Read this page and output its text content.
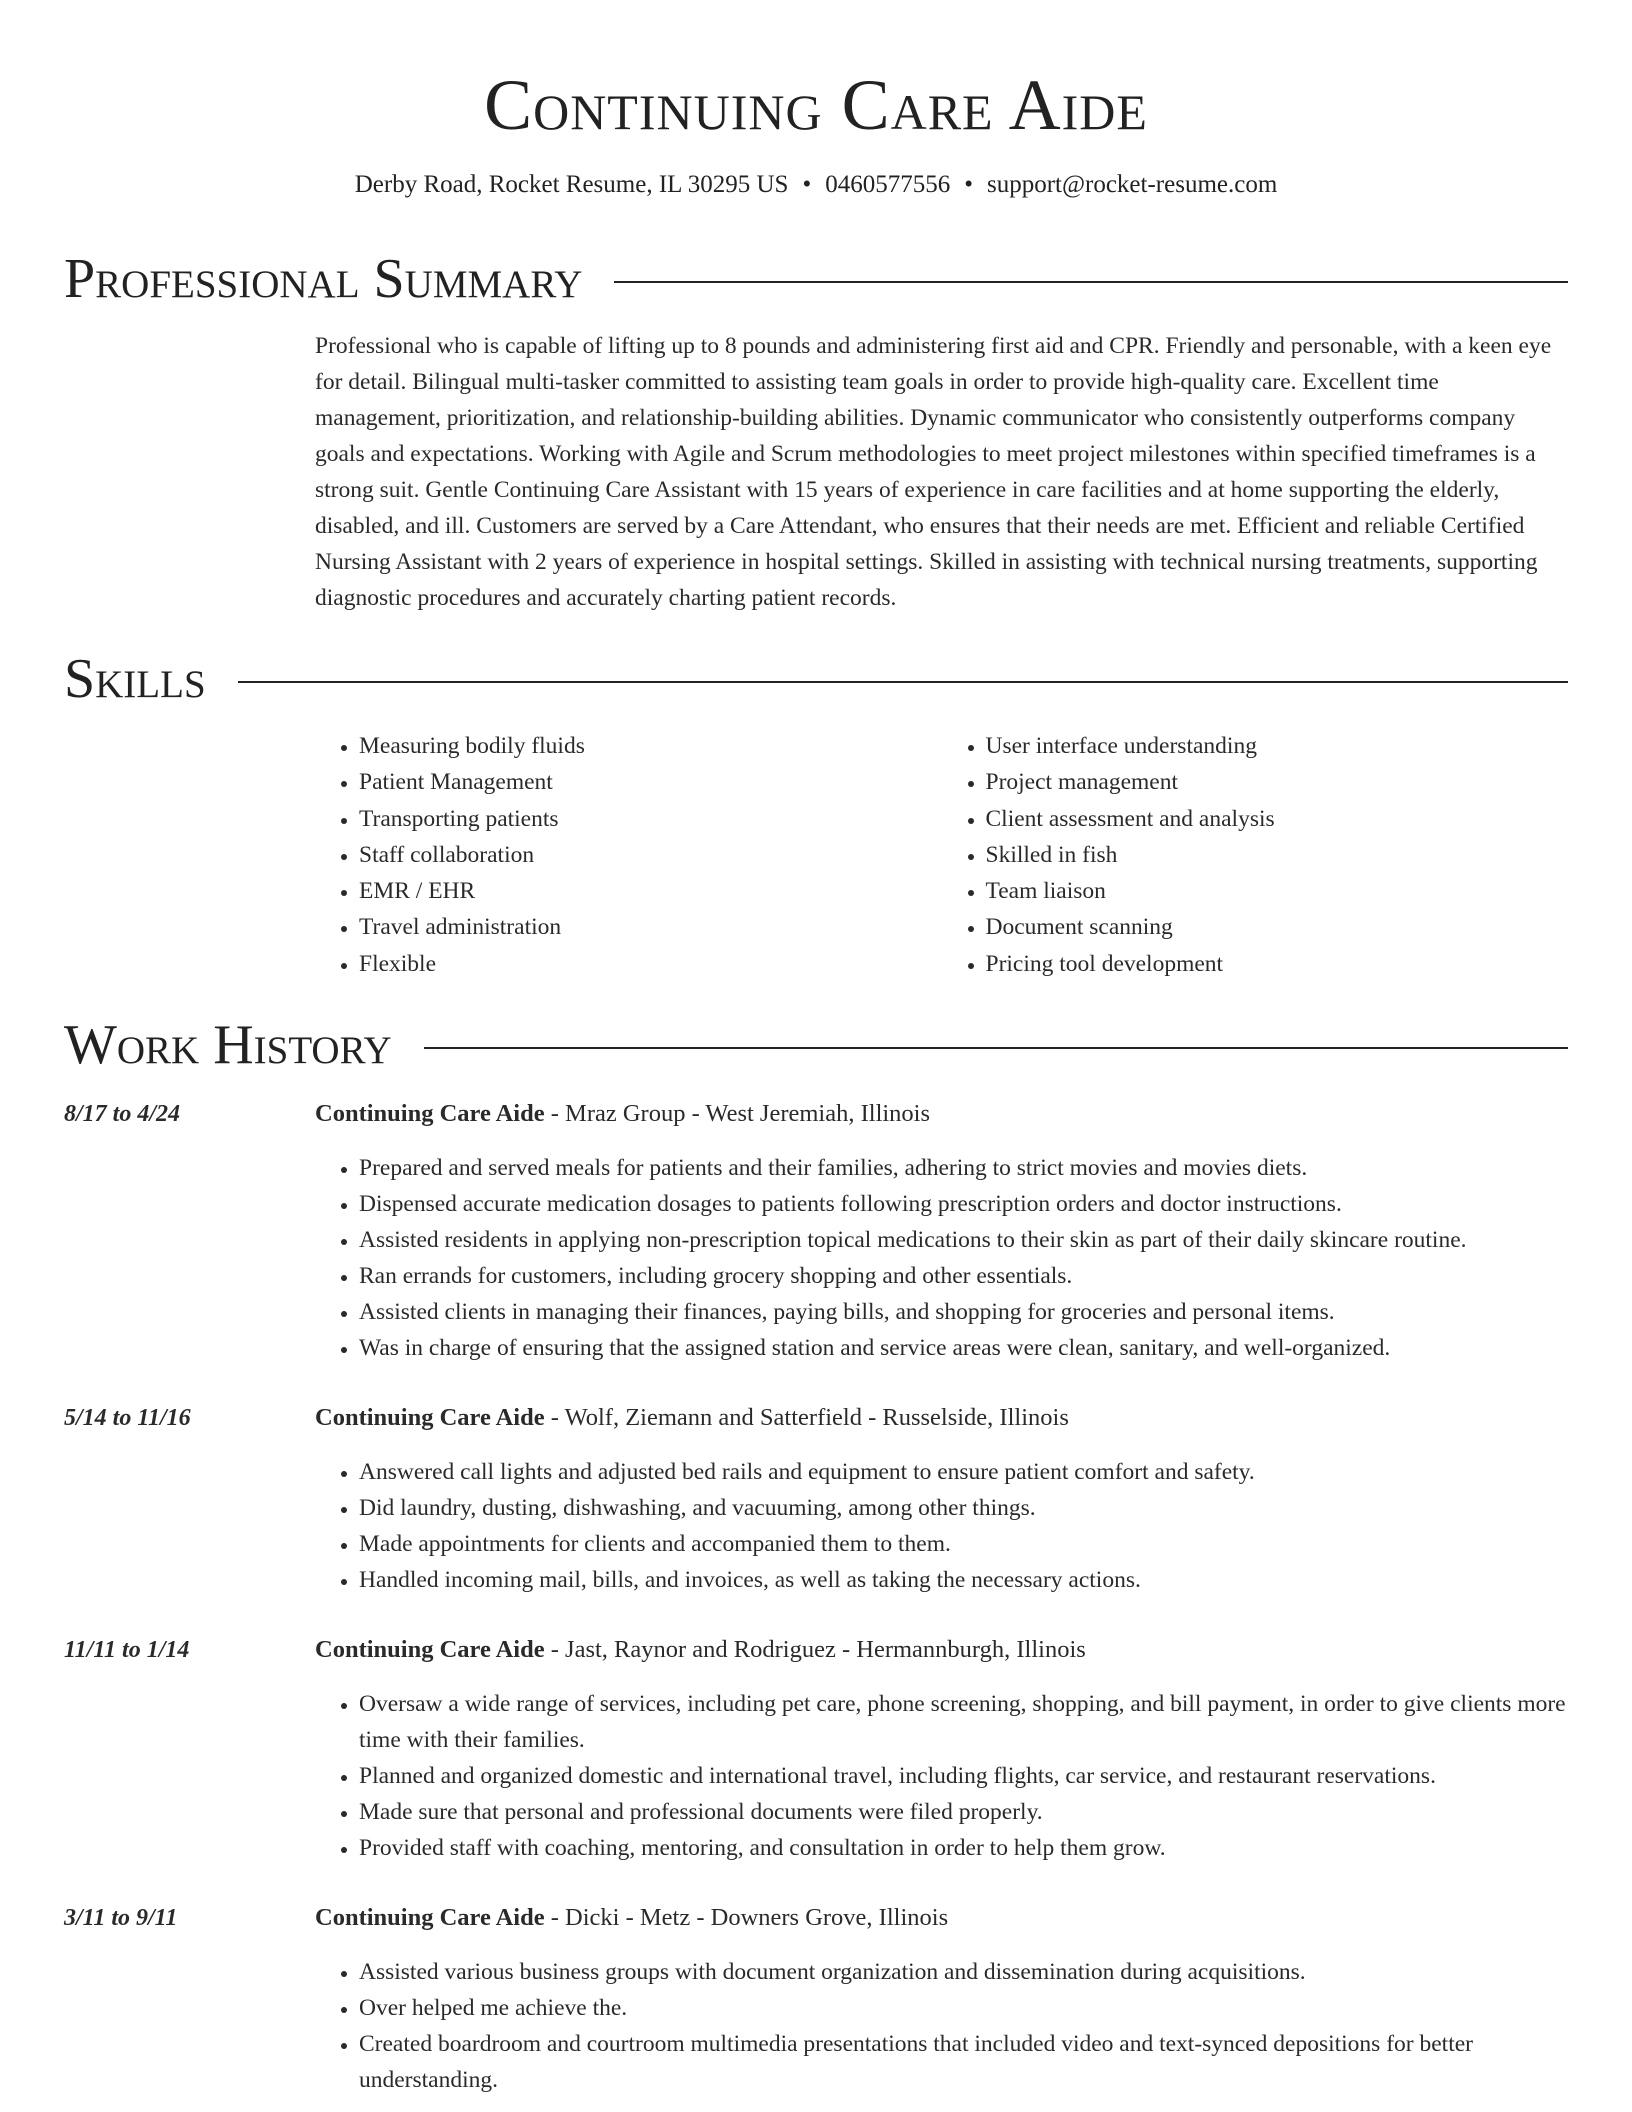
Continuing Care Aide
Derby Road, Rocket Resume, IL 30295 US • 0460577556 • support@rocket-resume.com
Professional Summary

Professional who is capable of lifting up to 8 pounds and administering first aid and CPR. Friendly and personable, with a keen eye for detail. Bilingual multi-tasker committed to assisting team goals in order to provide high-quality care. Excellent time management, prioritization, and relationship-building abilities. Dynamic communicator who consistently outperforms company goals and expectations. Working with Agile and Scrum methodologies to meet project milestones within specified timeframes is a strong suit. Gentle Continuing Care Assistant with 15 years of experience in care facilities and at home supporting the elderly, disabled, and ill. Customers are served by a Care Attendant, who ensures that their needs are met. Efficient and reliable Certified Nursing Assistant with 2 years of experience in hospital settings. Skilled in assisting with technical nursing treatments, supporting diagnostic procedures and accurately charting patient records.

Skills
• Measuring bodily fluids
• Patient Management
• Transporting patients
• Staff collaboration
• EMR / EHR
• Travel administration
• Flexible
• User interface understanding
• Project management
• Client assessment and analysis
• Skilled in fish
• Team liaison
• Document scanning
• Pricing tool development
Work History
8/17 to 4/24	Continuing Care Aide - Mraz Group - West Jeremiah, Illinois
• Prepared and served meals for patients and their families, adhering to strict movies and movies diets.
• Dispensed accurate medication dosages to patients following prescription orders and doctor instructions.
• Assisted residents in applying non-prescription topical medications to their skin as part of their daily skincare routine.
• Ran errands for customers, including grocery shopping and other essentials.
• Assisted clients in managing their finances, paying bills, and shopping for groceries and personal items.
• Was in charge of ensuring that the assigned station and service areas were clean, sanitary, and well-organized.
5/14 to 11/16	Continuing Care Aide - Wolf, Ziemann and Satterfield - Russelside, Illinois
• Answered call lights and adjusted bed rails and equipment to ensure patient comfort and safety.
• Did laundry, dusting, dishwashing, and vacuuming, among other things.
• Made appointments for clients and accompanied them to them.
• Handled incoming mail, bills, and invoices, as well as taking the necessary actions.
11/11 to 1/14	Continuing Care Aide - Jast, Raynor and Rodriguez - Hermannburgh, Illinois
• Oversaw a wide range of services, including pet care, phone screening, shopping, and bill payment, in order to give clients more time with their families.
• Planned and organized domestic and international travel, including flights, car service, and restaurant reservations.
• Made sure that personal and professional documents were filed properly.
• Provided staff with coaching, mentoring, and consultation in order to help them grow.
3/11 to 9/11	Continuing Care Aide - Dicki - Metz - Downers Grove, Illinois
• Assisted various business groups with document organization and dissemination during acquisitions.
• Over helped me achieve the.
• Created boardroom and courtroom multimedia presentations that included video and text-synced depositions for better understanding.
